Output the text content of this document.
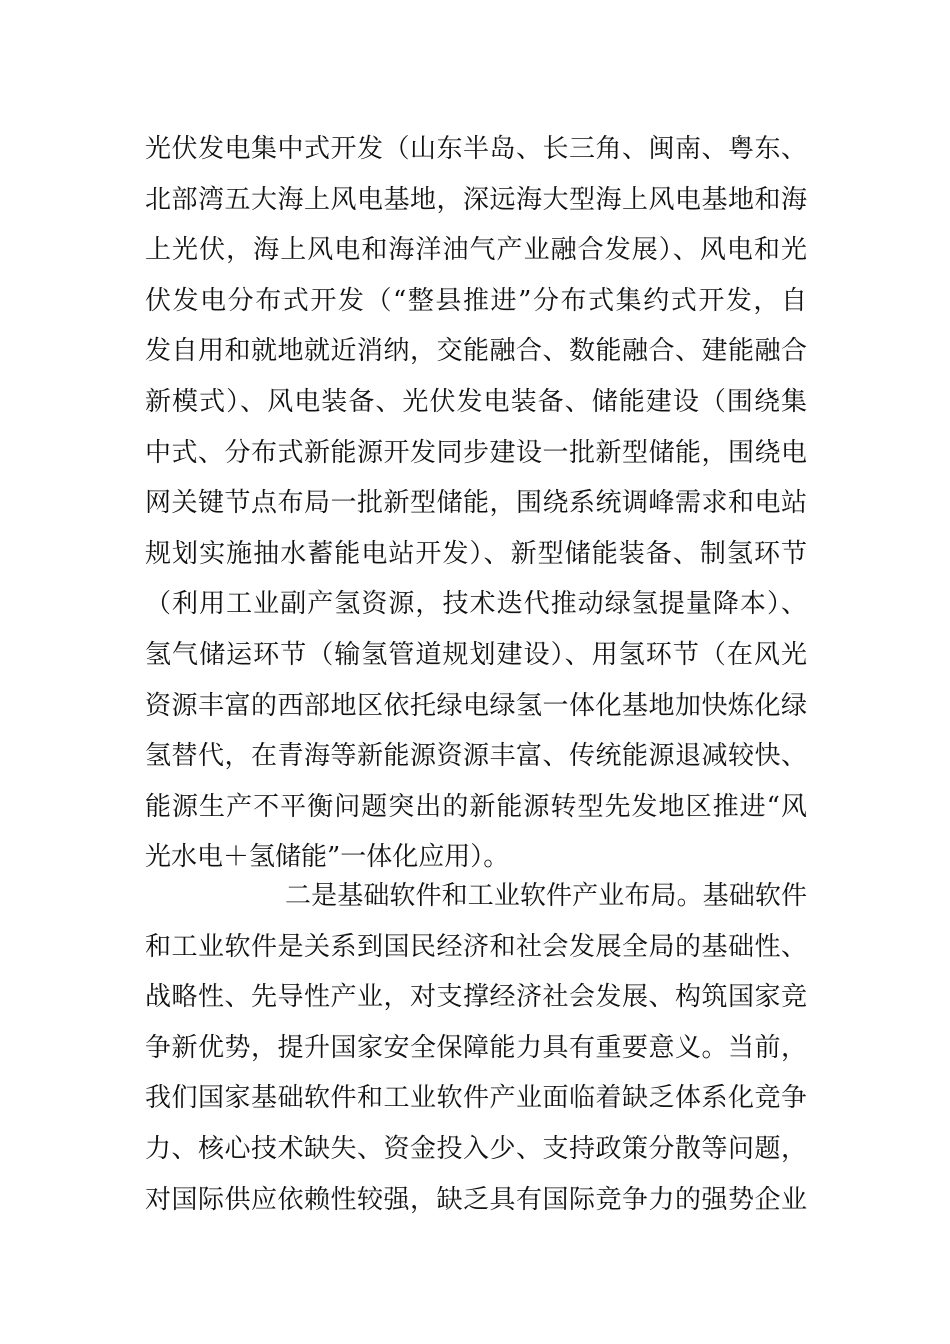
光伏发电集中式开发（山东半岛、长三角、闽南、粤东、
北部湾五大海上风电基地，深远海大型海上风电基地和海
上光伏，海上风电和海洋油气产业融合发展）、风电和光
伏发电分布式开发（“整县推进”分布式集约式开发，自
发自用和就地就近消纳，交能融合、数能融合、建能融合
新模式）、风电装备、光伏发电装备、储能建设（围绕集
中式、分布式新能源开发同步建设一批新型储能，围绕电
网关键节点布局一批新型储能，围绕系统调峰需求和电站
规划实施抽水蓄能电站开发）、新型储能装备、制氢环节
（利用工业副产氢资源，技术迭代推动绿氢提量降本）、
氢气储运环节（输氢管道规划建设）、用氢环节（在风光
资源丰富的西部地区依托绿电绿氢一体化基地加快炼化绿
氢替代，在青海等新能源资源丰富、传统能源退减较快、
能源生产不平衡问题突出的新能源转型先发地区推进“风
光水电＋氢储能”一体化应用）。
二是基础软件和工业软件产业布局。基础软件
和工业软件是关系到国民经济和社会发展全局的基础性、
战略性、先导性产业，对支撑经济社会发展、构筑国家竞
争新优势，提升国家安全保障能力具有重要意义。当前，
我们国家基础软件和工业软件产业面临着缺乏体系化竞争
力、核心技术缺失、资金投入少、支持政策分散等问题，
对国际供应依赖性较强，缺乏具有国际竞争力的强势企业
